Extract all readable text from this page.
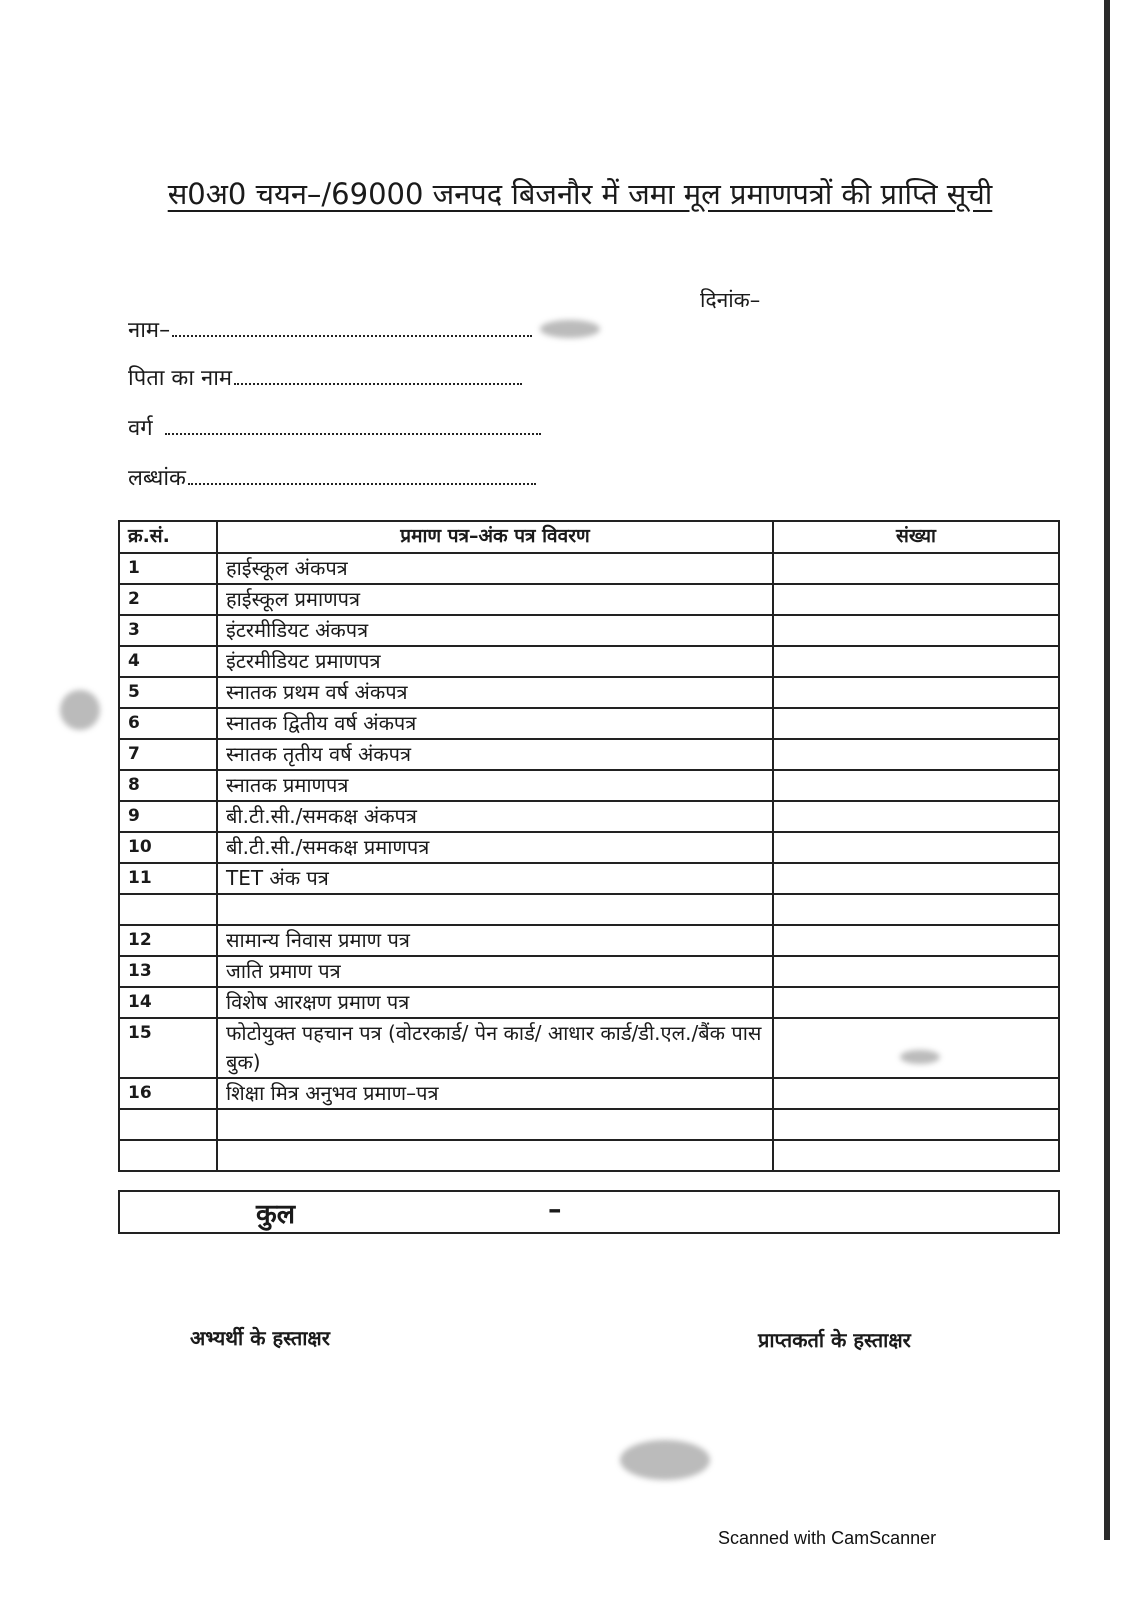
स0अ0 चयन–/69000 जनपद बिजनौर में जमा मूल प्रमाणपत्रों की प्राप्ति सूची
दिनांक–
नाम–
पिता का नाम
वर्ग
लब्धांक
क्र.सं.	प्रमाण पत्र–अंक पत्र विवरण	संख्या
1	हाईस्कूल अंकपत्र	
2	हाईस्कूल प्रमाणपत्र	
3	इंटरमीडियट अंकपत्र	
4	इंटरमीडियट प्रमाणपत्र	
5	स्नातक प्रथम वर्ष अंकपत्र	
6	स्नातक द्वितीय वर्ष अंकपत्र	
7	स्नातक तृतीय वर्ष अंकपत्र	
8	स्नातक प्रमाणपत्र	
9	बी.टी.सी./समकक्ष अंकपत्र	
10	बी.टी.सी./समकक्ष प्रमाणपत्र	
11	TET अंक पत्र	

12	सामान्य निवास प्रमाण पत्र	
13	जाति प्रमाण पत्र	
14	विशेष आरक्षण प्रमाण पत्र	
15	फोटोयुक्त पहचान पत्र (वोटरकार्ड/ पेन कार्ड/ आधार कार्ड/डी.एल./बैंक पास बुक)	
16	शिक्षा मित्र अनुभव प्रमाण–पत्र	

कुल	–
अभ्यर्थी के हस्ताक्षर	प्राप्तकर्ता के हस्ताक्षर
Scanned with CamScanner
